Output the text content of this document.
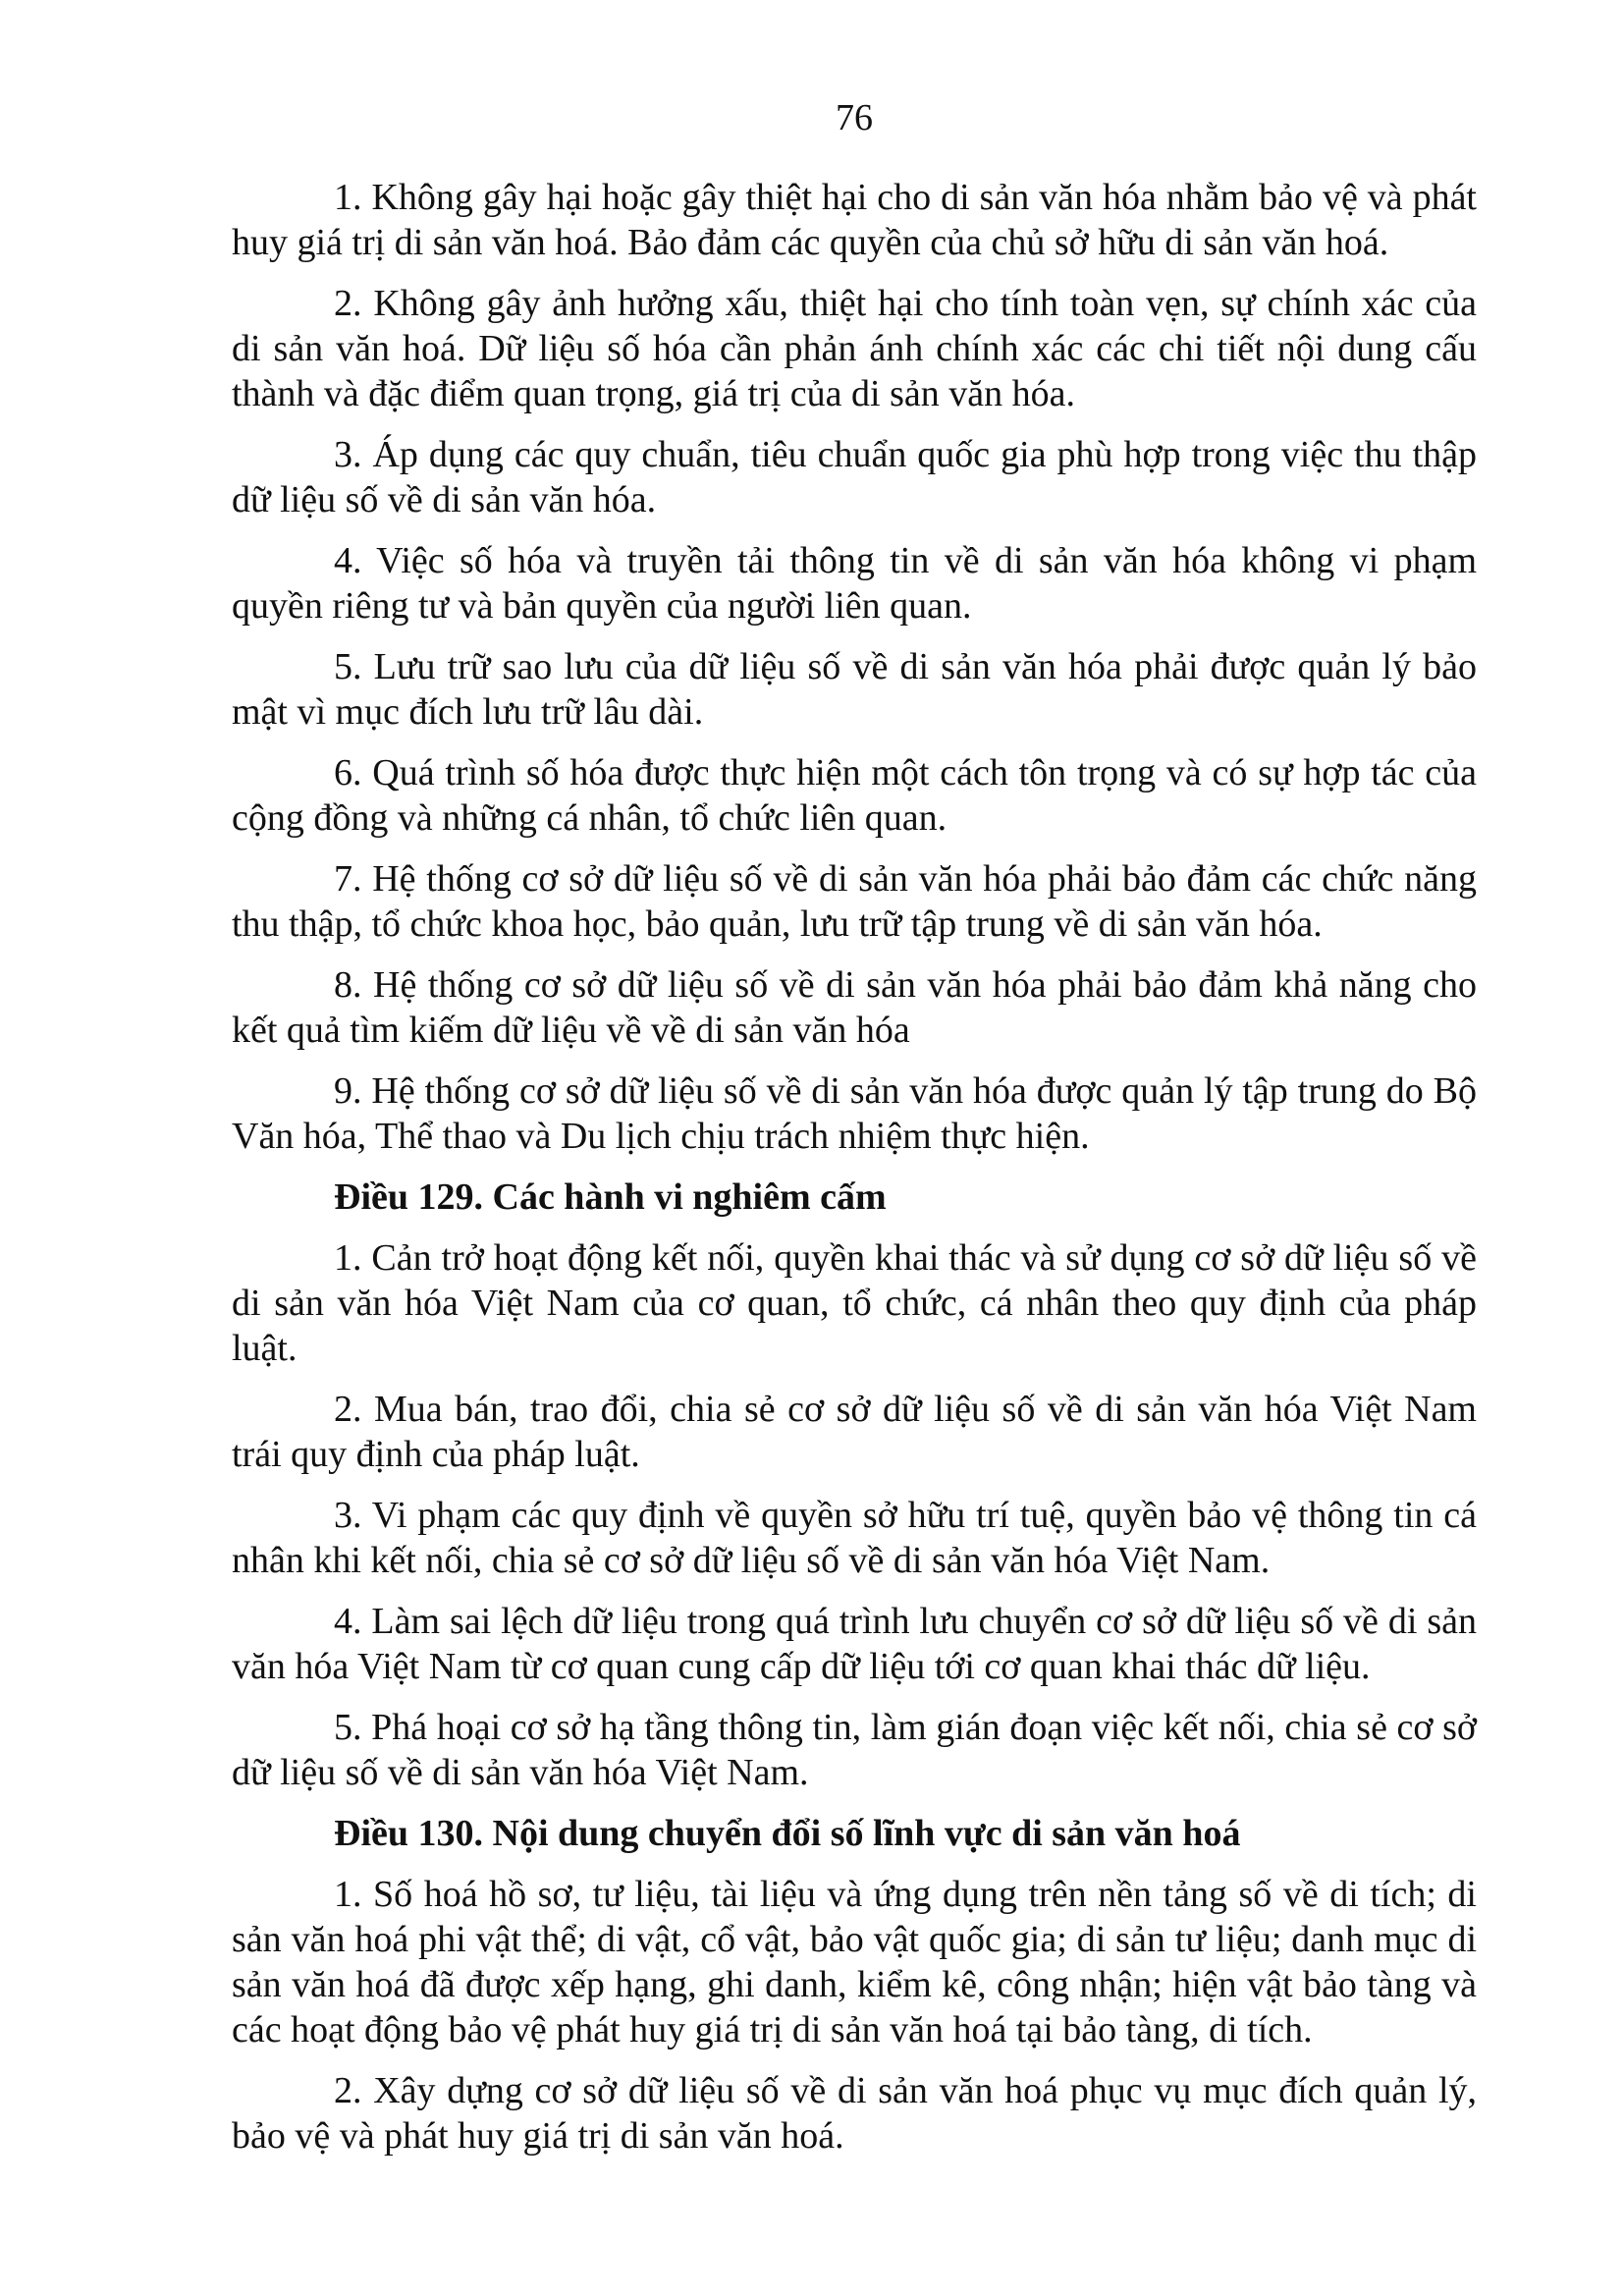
76

1. Không gây hại hoặc gây thiệt hại cho di sản văn hóa nhằm bảo vệ và phát huy giá trị di sản văn hoá. Bảo đảm các quyền của chủ sở hữu di sản văn hoá.

2. Không gây ảnh hưởng xấu, thiệt hại cho tính toàn vẹn, sự chính xác của di sản văn hoá. Dữ liệu số hóa cần phản ánh chính xác các chi tiết nội dung cấu thành và đặc điểm quan trọng, giá trị của di sản văn hóa.

3. Áp dụng các quy chuẩn, tiêu chuẩn quốc gia phù hợp trong việc thu thập dữ liệu số về di sản văn hóa.

4. Việc số hóa và truyền tải thông tin về di sản văn hóa không vi phạm quyền riêng tư và bản quyền của người liên quan.

5. Lưu trữ sao lưu của dữ liệu số về di sản văn hóa phải được quản lý bảo mật vì mục đích lưu trữ lâu dài.

6. Quá trình số hóa được thực hiện một cách tôn trọng và có sự hợp tác của cộng đồng và những cá nhân, tổ chức liên quan.

7. Hệ thống cơ sở dữ liệu số về di sản văn hóa phải bảo đảm các chức năng thu thập, tổ chức khoa học, bảo quản, lưu trữ tập trung về di sản văn hóa.

8. Hệ thống cơ sở dữ liệu số về di sản văn hóa phải bảo đảm khả năng cho kết quả tìm kiếm dữ liệu về về di sản văn hóa

9. Hệ thống cơ sở dữ liệu số về di sản văn hóa được quản lý tập trung do Bộ Văn hóa, Thể thao và Du lịch chịu trách nhiệm thực hiện.

Điều 129. Các hành vi nghiêm cấm

1. Cản trở hoạt động kết nối, quyền khai thác và sử dụng cơ sở dữ liệu số về di sản văn hóa Việt Nam của cơ quan, tổ chức, cá nhân theo quy định của pháp luật.

2. Mua bán, trao đổi, chia sẻ cơ sở dữ liệu số về di sản văn hóa Việt Nam trái quy định của pháp luật.

3. Vi phạm các quy định về quyền sở hữu trí tuệ, quyền bảo vệ thông tin cá nhân khi kết nối, chia sẻ cơ sở dữ liệu số về di sản văn hóa Việt Nam.

4. Làm sai lệch dữ liệu trong quá trình lưu chuyển cơ sở dữ liệu số về di sản văn hóa Việt Nam từ cơ quan cung cấp dữ liệu tới cơ quan khai thác dữ liệu.

5. Phá hoại cơ sở hạ tầng thông tin, làm gián đoạn việc kết nối, chia sẻ cơ sở dữ liệu số về di sản văn hóa Việt Nam.

Điều 130. Nội dung chuyển đổi số lĩnh vực di sản văn hoá

1. Số hoá hồ sơ, tư liệu, tài liệu và ứng dụng trên nền tảng số về di tích; di sản văn hoá phi vật thể; di vật, cổ vật, bảo vật quốc gia; di sản tư liệu; danh mục di sản văn hoá đã được xếp hạng, ghi danh, kiểm kê, công nhận; hiện vật bảo tàng và các hoạt động bảo vệ phát huy giá trị di sản văn hoá tại bảo tàng, di tích.

2. Xây dựng cơ sở dữ liệu số về di sản văn hoá phục vụ mục đích quản lý, bảo vệ và phát huy giá trị di sản văn hoá.
